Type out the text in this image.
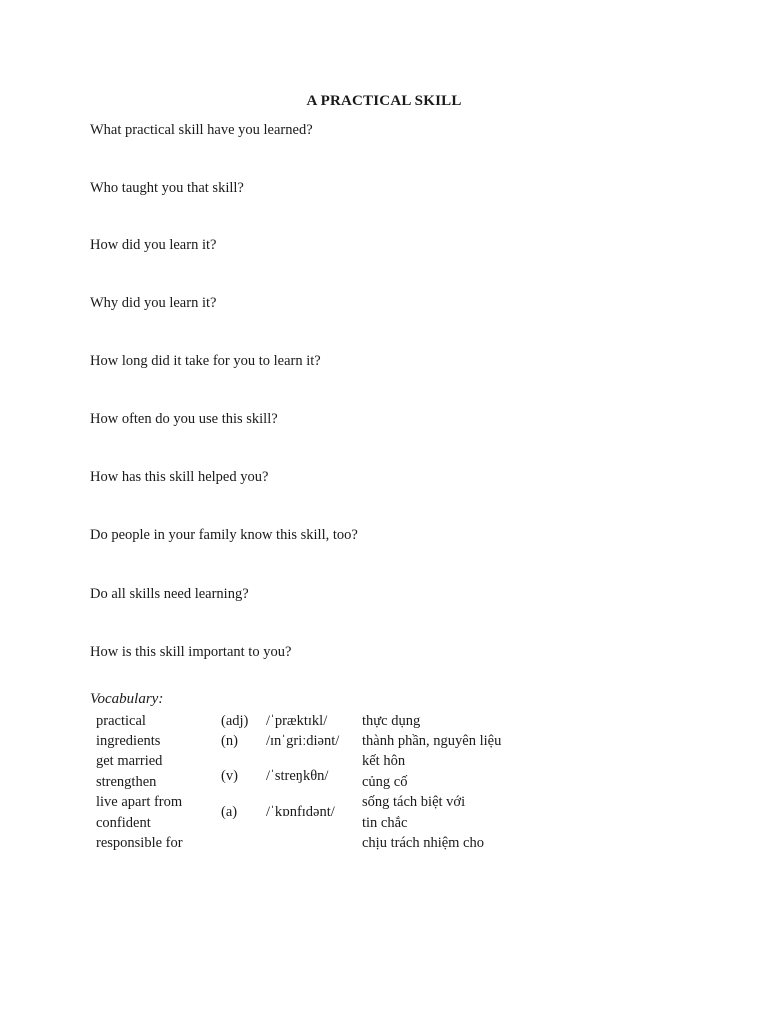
A PRACTICAL SKILL
What practical skill have you learned?
Who taught you that skill?
How did you learn it?
Why did you learn it?
How long did it take for you to learn it?
How often do you use this skill?
How has this skill helped you?
Do people in your family know this skill, too?
Do all skills need learning?
How is this skill important to you?
Vocabulary:
practical
ingredients
get married
strengthen
live apart from
confident
responsible for
(adj)
(n)
(v)
(a)
/ˈpræktɪkl/
/ɪnˈgriːdiənt/
/ˈstreŋkθn/
/ˈkɒnfɪdənt/
thực dụng
thành phần, nguyên liệu
kết hôn
củng cố
sống tách biệt với
tin chắc
chịu trách nhiệm cho
